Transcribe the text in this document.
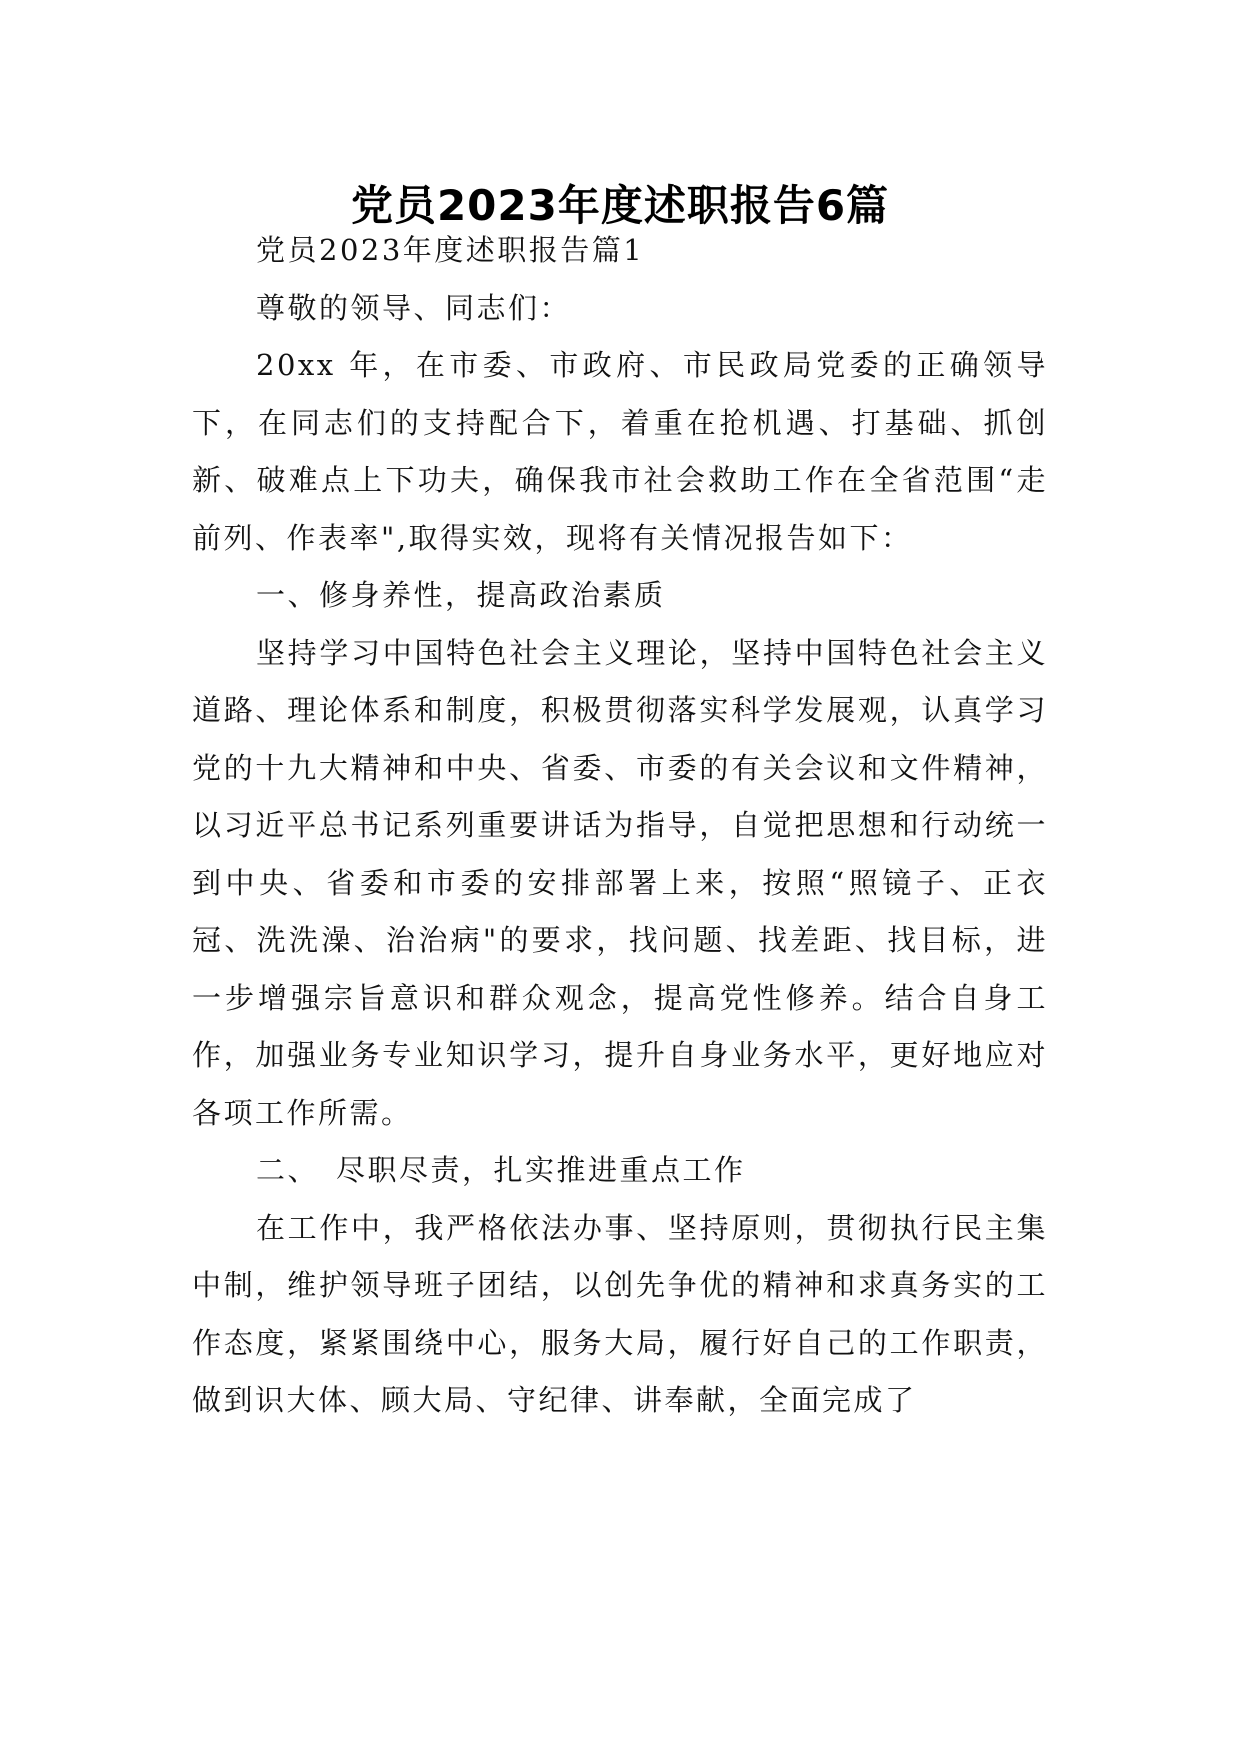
党员2023年度述职报告6篇

党员2023年度述职报告篇1

尊敬的领导、同志们：

20xx 年，在市委、市政府、市民政局党委的正确领导下，在同志们的支持配合下，着重在抢机遇、打基础、抓创新、破难点上下功夫，确保我市社会救助工作在全省范围“走前列、作表率",取得实效，现将有关情况报告如下：

一、修身养性，提高政治素质

坚持学习中国特色社会主义理论，坚持中国特色社会主义道路、理论体系和制度，积极贯彻落实科学发展观，认真学习党的十九大精神和中央、省委、市委的有关会议和文件精神，以习近平总书记系列重要讲话为指导，自觉把思想和行动统一到中央、省委和市委的安排部署上来，按照“照镜子、正衣冠、洗洗澡、治治病"的要求，找问题、找差距、找目标，进一步增强宗旨意识和群众观念，提高党性修养。结合自身工作，加强业务专业知识学习，提升自身业务水平，更好地应对各项工作所需。

二、　尽职尽责，扎实推进重点工作

在工作中，我严格依法办事、坚持原则，贯彻执行民主集中制，维护领导班子团结，以创先争优的精神和求真务实的工作态度，紧紧围绕中心，服务大局，履行好自己的工作职责，做到识大体、顾大局、守纪律、讲奉献，全面完成了
